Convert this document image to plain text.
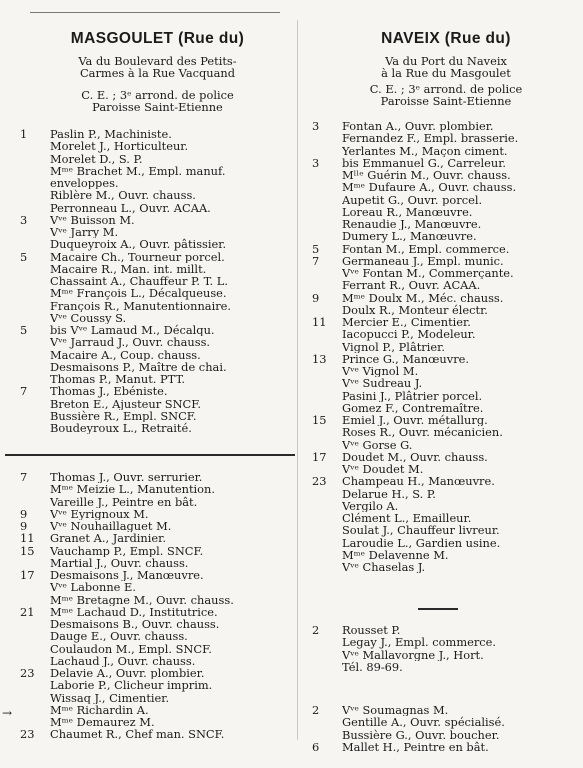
MASGOULET (Rue du)
Va du Boulevard des Petits-
Carmes à la Rue Vacquand
C. E. ; 3ᵉ arrond. de police
Paroisse Saint-Etienne
1	Paslin P., Machiniste.
Morelet J., Horticulteur.
Morelet D., S. P.
Mᵐᵉ Brachet M., Empl. manuf.
enveloppes.
Riblère M., Ouvr. chauss.
Perronneau L., Ouvr. ACAA.
3	Vᵛᵉ Buisson M.
Vᵛᵉ Jarry M.
Duqueyroix A., Ouvr. pâtissier.
5	Macaire Ch., Tourneur porcel.
Macaire R., Man. int. millt.
Chassaint A., Chauffeur P. T. L.
Mᵐᵉ François L., Décalqueuse.
François R., Manutentionnaire.
Vᵛᵉ Coussy S.
5	bis Vᵛᵉ Lamaud M., Décalqu.
Vᵛᵉ Jarraud J., Ouvr. chauss.
Macaire A., Coup. chauss.
Desmaisons P., Maître de chai.
Thomas P., Manut. PTT.
7	Thomas J., Ebéniste.
Breton E., Ajusteur SNCF.
Bussière R., Empl. SNCF.
Boudeyroux L., Retraité.
7	Thomas J., Ouvr. serrurier.
Mᵐᵉ Meizie L., Manutention.
Vareille J., Peintre en bât.
9	Vᵛᵉ Eyrignoux M.
9	Vᵛᵉ Nouhaillaguet M.
11	Granet A., Jardinier.
15	Vauchamp P., Empl. SNCF.
Martial J., Ouvr. chauss.
17	Desmaisons J., Manœuvre.
Vᵛᵉ Labonne E.
Mᵐᵉ Bretagne M., Ouvr. chauss.
21	Mᵐᵉ Lachaud D., Institutrice.
Desmaisons B., Ouvr. chauss.
Dauge E., Ouvr. chauss.
Coulaudon M., Empl. SNCF.
Lachaud J., Ouvr. chauss.
23	Delavie A., Ouvr. plombier.
Laborie P., Clicheur imprim.
Wissaq J., Cimentier.
Mᵐᵉ Richardin A.
Mᵐᵉ Demaurez M.
23	Chaumet R., Chef man. SNCF.
→
NAVEIX (Rue du)
Va du Port du Naveix
à la Rue du Masgoulet
C. E. ; 3ᵉ arrond. de police
Paroisse Saint-Etienne
3	Fontan A., Ouvr. plombier.
Fernandez F., Empl. brasserie.
Yerlantes M., Maçon ciment.
3	bis Emmanuel G., Carreleur.
Mˡˡᵉ Guérin M., Ouvr. chauss.
Mᵐᵉ Dufaure A., Ouvr. chauss.
Aupetit G., Ouvr. porcel.
Loreau R., Manœuvre.
Renaudie J., Manœuvre.
Dumery L., Manœuvre.
5	Fontan M., Empl. commerce.
7	Germaneau J., Empl. munic.
Vᵛᵉ Fontan M., Commerçante.
Ferrant R., Ouvr. ACAA.
9	Mᵐᵉ Doulx M., Méc. chauss.
Doulx R., Monteur électr.
11	Mercier E., Cimentier.
Iacopucci P., Modeleur.
Vignol P., Plâtrier.
13	Prince G., Manœuvre.
Vᵛᵉ Vignol M.
Vᵛᵉ Sudreau J.
Pasini J., Plâtrier porcel.
Gomez F., Contremaître.
15	Emiel J., Ouvr. métallurg.
Roses R., Ouvr. mécanicien.
Vᵛᵉ Gorse G.
17	Doudet M., Ouvr. chauss.
Vᵛᵉ Doudet M.
23	Champeau H., Manœuvre.
Delarue H., S. P.
Vergilo A.
Clément L., Emailleur.
Soulat J., Chauffeur livreur.
Laroudie L., Gardien usine.
Mᵐᵉ Delavenne M.
Vᵛᵉ Chaselas J.
2	Rousset P.
Legay J., Empl. commerce.
Vᵛᵉ Mallavorgne J., Hort.
Tél. 89-69.
2	Vᵛᵉ Soumagnas M.
Gentille A., Ouvr. spécialisé.
Bussière G., Ouvr. boucher.
6	Mallet H., Peintre en bât.
